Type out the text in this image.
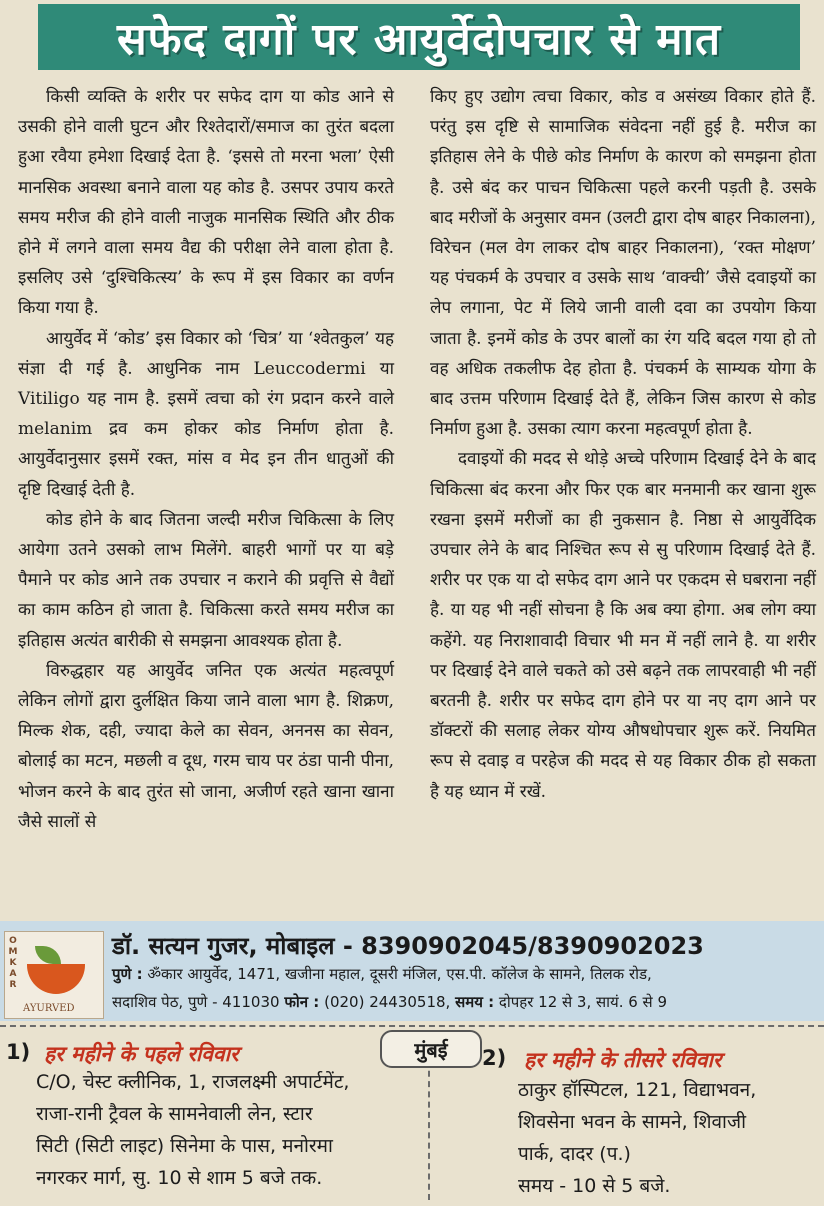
सफेद दागों पर आयुर्वेदोपचार से मात

किसी व्यक्ति के शरीर पर सफेद दाग या कोड आने से उसकी होने वाली घुटन और रिश्तेदारों/समाज का तुरंत बदला हुआ रवैया हमेशा दिखाई देता है. ‘इससे तो मरना भला’ ऐसी मानसिक अवस्था बनाने वाला यह कोड है. उसपर उपाय करते समय मरीज की होने वाली नाजुक मानसिक स्थिति और ठीक होने में लगने वाला समय वैद्य की परीक्षा लेने वाला होता है. इसलिए उसे ‘दुश्चिकित्स्य’ के रूप में इस विकार का वर्णन किया गया है.

आयुर्वेद में ‘कोड’ इस विकार को ‘चित्र’ या ‘श्वेतकुल’ यह संज्ञा दी गई है. आधुनिक नाम Leuccodermi या Vitiligo यह नाम है. इसमें त्वचा को रंग प्रदान करने वाले melanim द्रव कम होकर कोड निर्माण होता है. आयुर्वेदानुसार इसमें रक्त, मांस व मेद इन तीन धातुओं की दृष्टि दिखाई देती है.

कोड होने के बाद जितना जल्दी मरीज चिकित्सा के लिए आयेगा उतने उसको लाभ मिलेंगे. बाहरी भागों पर या बड़े पैमाने पर कोड आने तक उपचार न कराने की प्रवृत्ति से वैद्यों का काम कठिन हो जाता है. चिकित्सा करते समय मरीज का इतिहास अत्यंत बारीकी से समझना आवश्यक होता है.

विरुद्धहार यह आयुर्वेद जनित एक अत्यंत महत्वपूर्ण लेकिन लोगों द्वारा दुर्लक्षित किया जाने वाला भाग है. शिक्रण, मिल्क शेक, दही, ज्यादा केले का सेवन, अननस का सेवन, बोलाई का मटन, मछली व दूध, गरम चाय पर ठंडा पानी पीना, भोजन करने के बाद तुरंत सो जाना, अजीर्ण रहते खाना खाना जैसे सालों से

किए हुए उद्योग त्वचा विकार, कोड व असंख्य विकार होते हैं. परंतु इस दृष्टि से सामाजिक संवेदना नहीं हुई है. मरीज का इतिहास लेने के पीछे कोड निर्माण के कारण को समझना होता है. उसे बंद कर पाचन चिकित्सा पहले करनी पड़ती है. उसके बाद मरीजों के अनुसार वमन (उलटी द्वारा दोष बाहर निकालना), विरेचन (मल वेग लाकर दोष बाहर निकालना), ‘रक्त मोक्षण’ यह पंचकर्म के उपचार व उसके साथ ‘वाक्ची’ जैसे दवाइयों का लेप लगाना, पेट में लिये जानी वाली दवा का उपयोग किया जाता है. इनमें कोड के उपर बालों का रंग यदि बदल गया हो तो वह अधिक तकलीफ देह होता है. पंचकर्म के साम्यक योगा के बाद उत्तम परिणाम दिखाई देते हैं, लेकिन जिस कारण से कोड निर्माण हुआ है. उसका त्याग करना महत्वपूर्ण होता है.

दवाइयों की मदद से थोड़े अच्चे परिणाम दिखाई देने के बाद चिकित्सा बंद करना और फिर एक बार मनमानी कर खाना शुरू रखना इसमें मरीजों का ही नुकसान है. निष्ठा से आयुर्वेदिक उपचार लेने के बाद निश्चित रूप से सु परिणाम दिखाई देते हैं. शरीर पर एक या दो सफेद दाग आने पर एकदम से घबराना नहीं है. या यह भी नहीं सोचना है कि अब क्या होगा. अब लोग क्या कहेंगे. यह निराशावादी विचार भी मन में नहीं लाने है. या शरीर पर दिखाई देने वाले चकते को उसे बढ़ने तक लापरवाही भी नहीं बरतनी है. शरीर पर सफेद दाग होने पर या नए दाग आने पर डॉक्टरों की सलाह लेकर योग्य औषधोपचार शुरू करें. नियमित रूप से दवाइ व परहेज की मदद से यह विकार ठीक हो सकता है यह ध्यान में रखें.

O
M
K
A
R
AYURVED
डॉ. सत्यन गुजर, मोबाइल - 8390902045/8390902023
पुणे : ॐकार आयुर्वेद, 1471, खजीना महाल, दूसरी मंजिल, एस.पी. कॉलेज के सामने, तिलक रोड,
सदाशिव पेठ, पुणे - 411030 फोन : (020) 24430518, समय : दोपहर 12 से 3, सायं. 6 से 9
मुंबई
1) हर महीने के पहले रविवार
C/O, चेस्ट क्लीनिक, 1, राजलक्ष्मी अपार्टमेंट,
राजा-रानी ट्रैवल के सामनेवाली लेन, स्टार
सिटी (सिटी लाइट) सिनेमा के पास, मनोरमा
नगरकर मार्ग, सु. 10 से शाम 5 बजे तक.
2) हर महीने के तीसरे रविवार
ठाकुर हॉस्पिटल, 121, विद्याभवन,
शिवसेना भवन के सामने, शिवाजी
पार्क, दादर (प.)
समय - 10 से 5 बजे.
